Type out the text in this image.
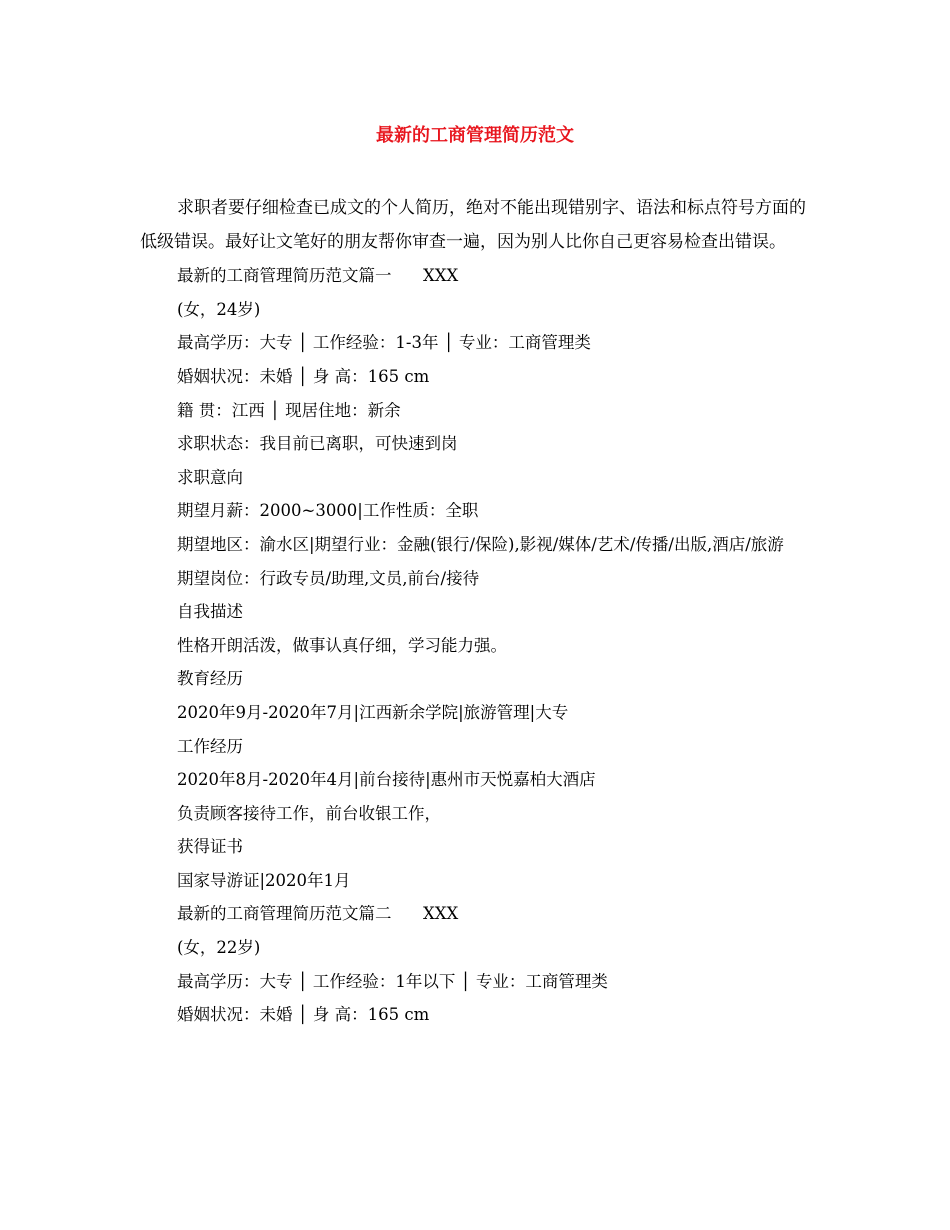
最新的工商管理简历范文

求职者要仔细检查已成文的个人简历，绝对不能出现错别字、语法和标点符号方面的低级错误。最好让文笔好的朋友帮你审查一遍，因为别人比你自己更容易检查出错误。

最新的工商管理简历范文篇一      XXX

(女，24岁)

最高学历：大专 │ 工作经验：1-3年 │ 专业：工商管理类

婚姻状况：未婚 │ 身 高：165 cm

籍 贯：江西 │ 现居住地：新余

求职状态：我目前已离职，可快速到岗

求职意向

期望月薪：2000~3000|工作性质：全职

期望地区：渝水区|期望行业：金融(银行/保险),影视/媒体/艺术/传播/出版,酒店/旅游

期望岗位：行政专员/助理,文员,前台/接待

自我描述

性格开朗活泼，做事认真仔细，学习能力强。

教育经历

2020年9月-2020年7月|江西新余学院|旅游管理|大专

工作经历

2020年8月-2020年4月|前台接待|惠州市天悦嘉柏大酒店

负责顾客接待工作，前台收银工作，

获得证书

国家导游证|2020年1月

最新的工商管理简历范文篇二      XXX

(女，22岁)

最高学历：大专 │ 工作经验：1年以下 │ 专业：工商管理类

婚姻状况：未婚 │ 身 高：165 cm
